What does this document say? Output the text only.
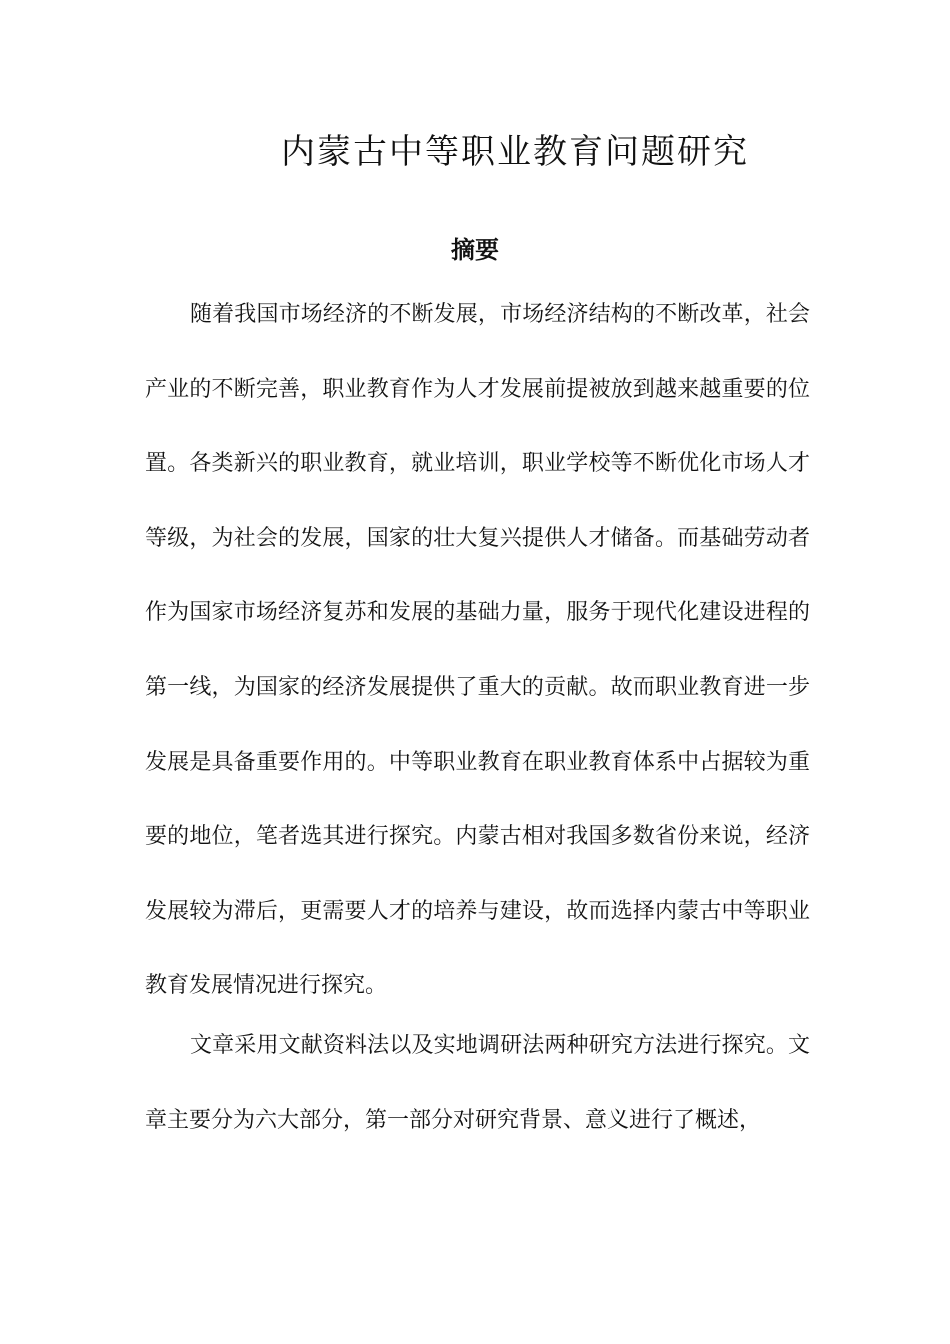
内蒙古中等职业教育问题研究
摘要

随着我国市场经济的不断发展，市场经济结构的不断改革，社会产业的不断完善，职业教育作为人才发展前提被放到越来越重要的位置。各类新兴的职业教育，就业培训，职业学校等不断优化市场人才等级，为社会的发展，国家的壮大复兴提供人才储备。而基础劳动者作为国家市场经济复苏和发展的基础力量，服务于现代化建设进程的第一线，为国家的经济发展提供了重大的贡献。故而职业教育进一步发展是具备重要作用的。中等职业教育在职业教育体系中占据较为重要的地位，笔者选其进行探究。内蒙古相对我国多数省份来说，经济发展较为滞后，更需要人才的培养与建设，故而选择内蒙古中等职业教育发展情况进行探究。

文章采用文献资料法以及实地调研法两种研究方法进行探究。文章主要分为六大部分，第一部分对研究背景、意义进行了概述，
